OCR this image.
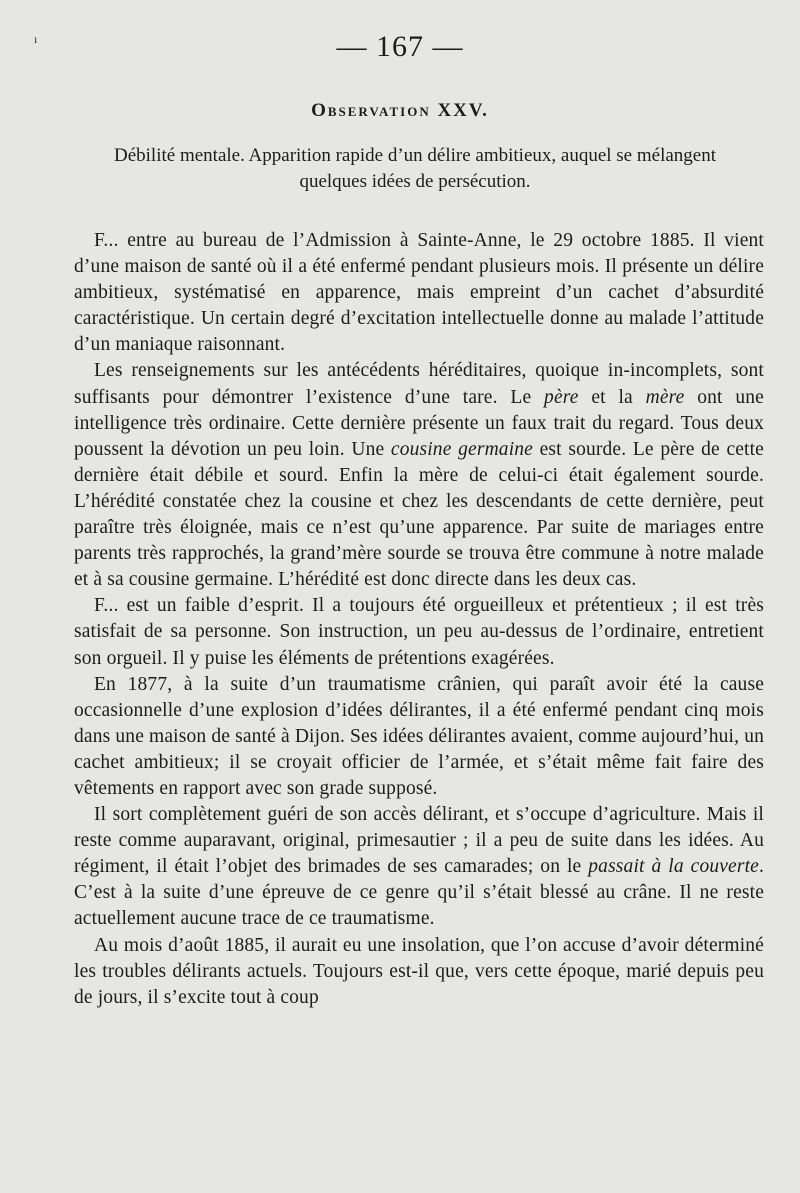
ı	— 167 —
Observation XXV.
Débilité mentale. Apparition rapide d’un délire ambitieux, auquel se mélangent quelques idées de persécution.

F... entre au bureau de l’Admission à Sainte-Anne, le 29 octobre 1885. Il vient d’une maison de santé où il a été enfermé pendant plusieurs mois. Il présente un délire ambitieux, systématisé en apparence, mais empreint d’un cachet d’absurdité caractéristique. Un certain degré d’excitation intellectuelle donne au malade l’attitude d’un maniaque raisonnant.

Les renseignements sur les antécédents héréditaires, quoique in-incomplets, sont suffisants pour démontrer l’existence d’une tare. Le père et la mère ont une intelligence très ordinaire. Cette dernière présente un faux trait du regard. Tous deux poussent la dévotion un peu loin. Une cousine germaine est sourde. Le père de cette dernière était débile et sourd. Enfin la mère de celui-ci était également sourde. L’hérédité constatée chez la cousine et chez les descendants de cette dernière, peut paraître très éloignée, mais ce n’est qu’une apparence. Par suite de mariages entre parents très rapprochés, la grand’mère sourde se trouva être commune à notre malade et à sa cousine germaine. L’hérédité est donc directe dans les deux cas.

F... est un faible d’esprit. Il a toujours été orgueilleux et prétentieux ; il est très satisfait de sa personne. Son instruction, un peu au-dessus de l’ordinaire, entretient son orgueil. Il y puise les éléments de prétentions exagérées.

En 1877, à la suite d’un traumatisme crânien, qui paraît avoir été la cause occasionnelle d’une explosion d’idées délirantes, il a été enfermé pendant cinq mois dans une maison de santé à Dijon. Ses idées délirantes avaient, comme aujourd’hui, un cachet ambitieux; il se croyait officier de l’armée, et s’était même fait faire des vêtements en rapport avec son grade supposé.

Il sort complètement guéri de son accès délirant, et s’occupe d’agriculture. Mais il reste comme auparavant, original, primesautier ; il a peu de suite dans les idées. Au régiment, il était l’objet des brimades de ses camarades; on le passait à la couverte. C’est à la suite d’une épreuve de ce genre qu’il s’était blessé au crâne. Il ne reste actuellement aucune trace de ce traumatisme.

Au mois d’août 1885, il aurait eu une insolation, que l’on accuse d’avoir déterminé les troubles délirants actuels. Toujours est-il que, vers cette époque, marié depuis peu de jours, il s’excite tout à coup
